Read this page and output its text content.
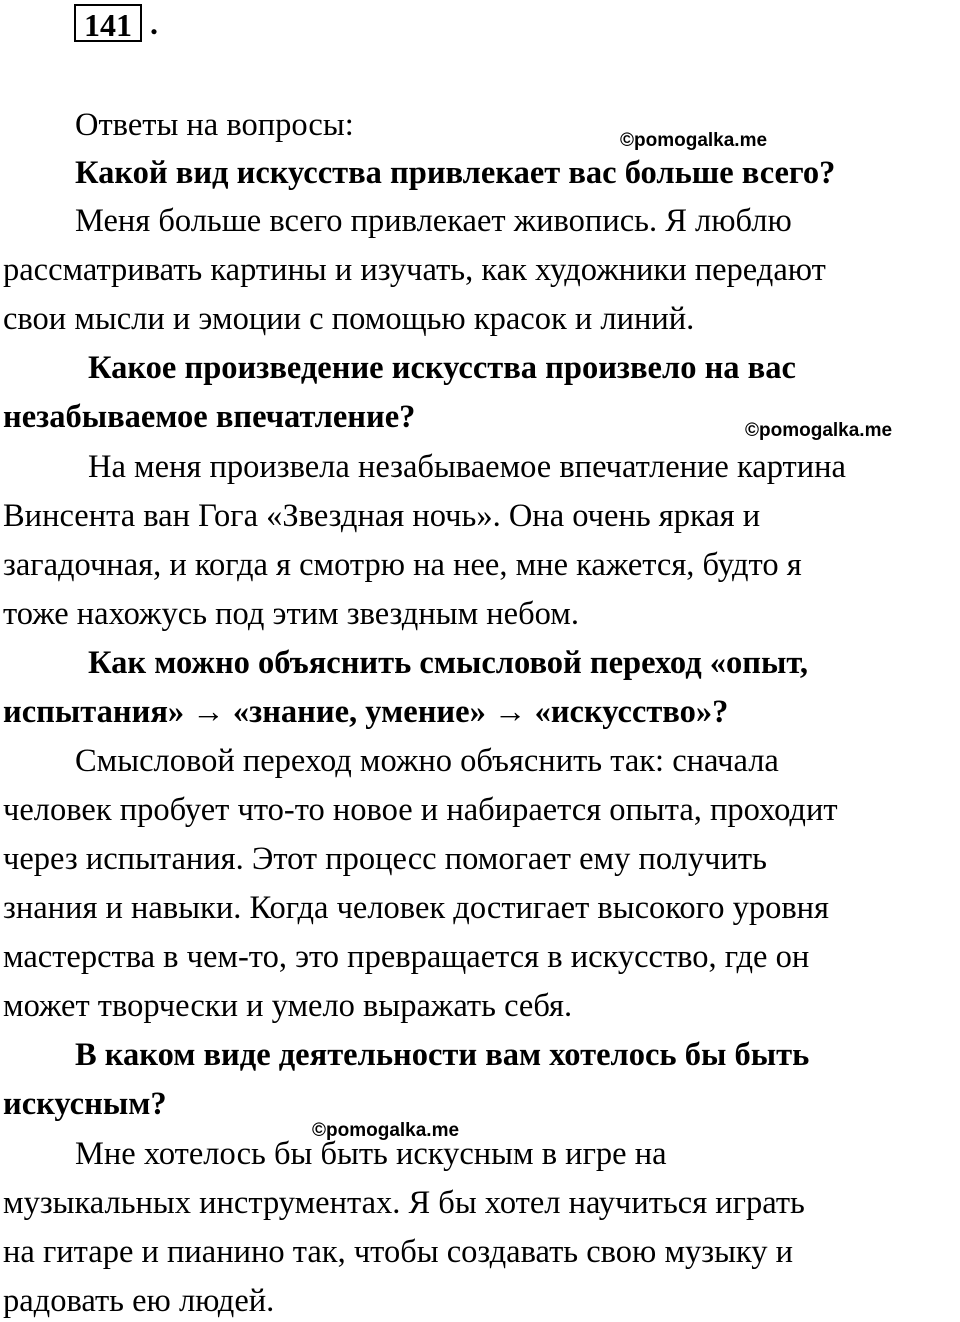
141 .
©pomogalka.me
©pomogalka.me
©pomogalka.me
Ответы на вопросы:
Какой вид искусства привлекает вас больше всего?
Меня больше всего привлекает живопись. Я люблю
рассматривать картины и изучать, как художники передают
свои мысли и эмоции с помощью красок и линий.
Какое произведение искусства произвело на вас
незабываемое впечатление?
На меня произвела незабываемое впечатление картина
Винсента ван Гога «Звездная ночь». Она очень яркая и
загадочная, и когда я смотрю на нее, мне кажется, будто я
тоже нахожусь под этим звездным небом.
Как можно объяснить смысловой переход «опыт,
испытания» → «знание, умение» → «искусство»?
Смысловой переход можно объяснить так: сначала
человек пробует что-то новое и набирается опыта, проходит
через испытания. Этот процесс помогает ему получить
знания и навыки. Когда человек достигает высокого уровня
мастерства в чем-то, это превращается в искусство, где он
может творчески и умело выражать себя.
В каком виде деятельности вам хотелось бы быть
искусным?
Мне хотелось бы быть искусным в игре на
музыкальных инструментах. Я бы хотел научиться играть
на гитаре и пианино так, чтобы создавать свою музыку и
радовать ею людей.
